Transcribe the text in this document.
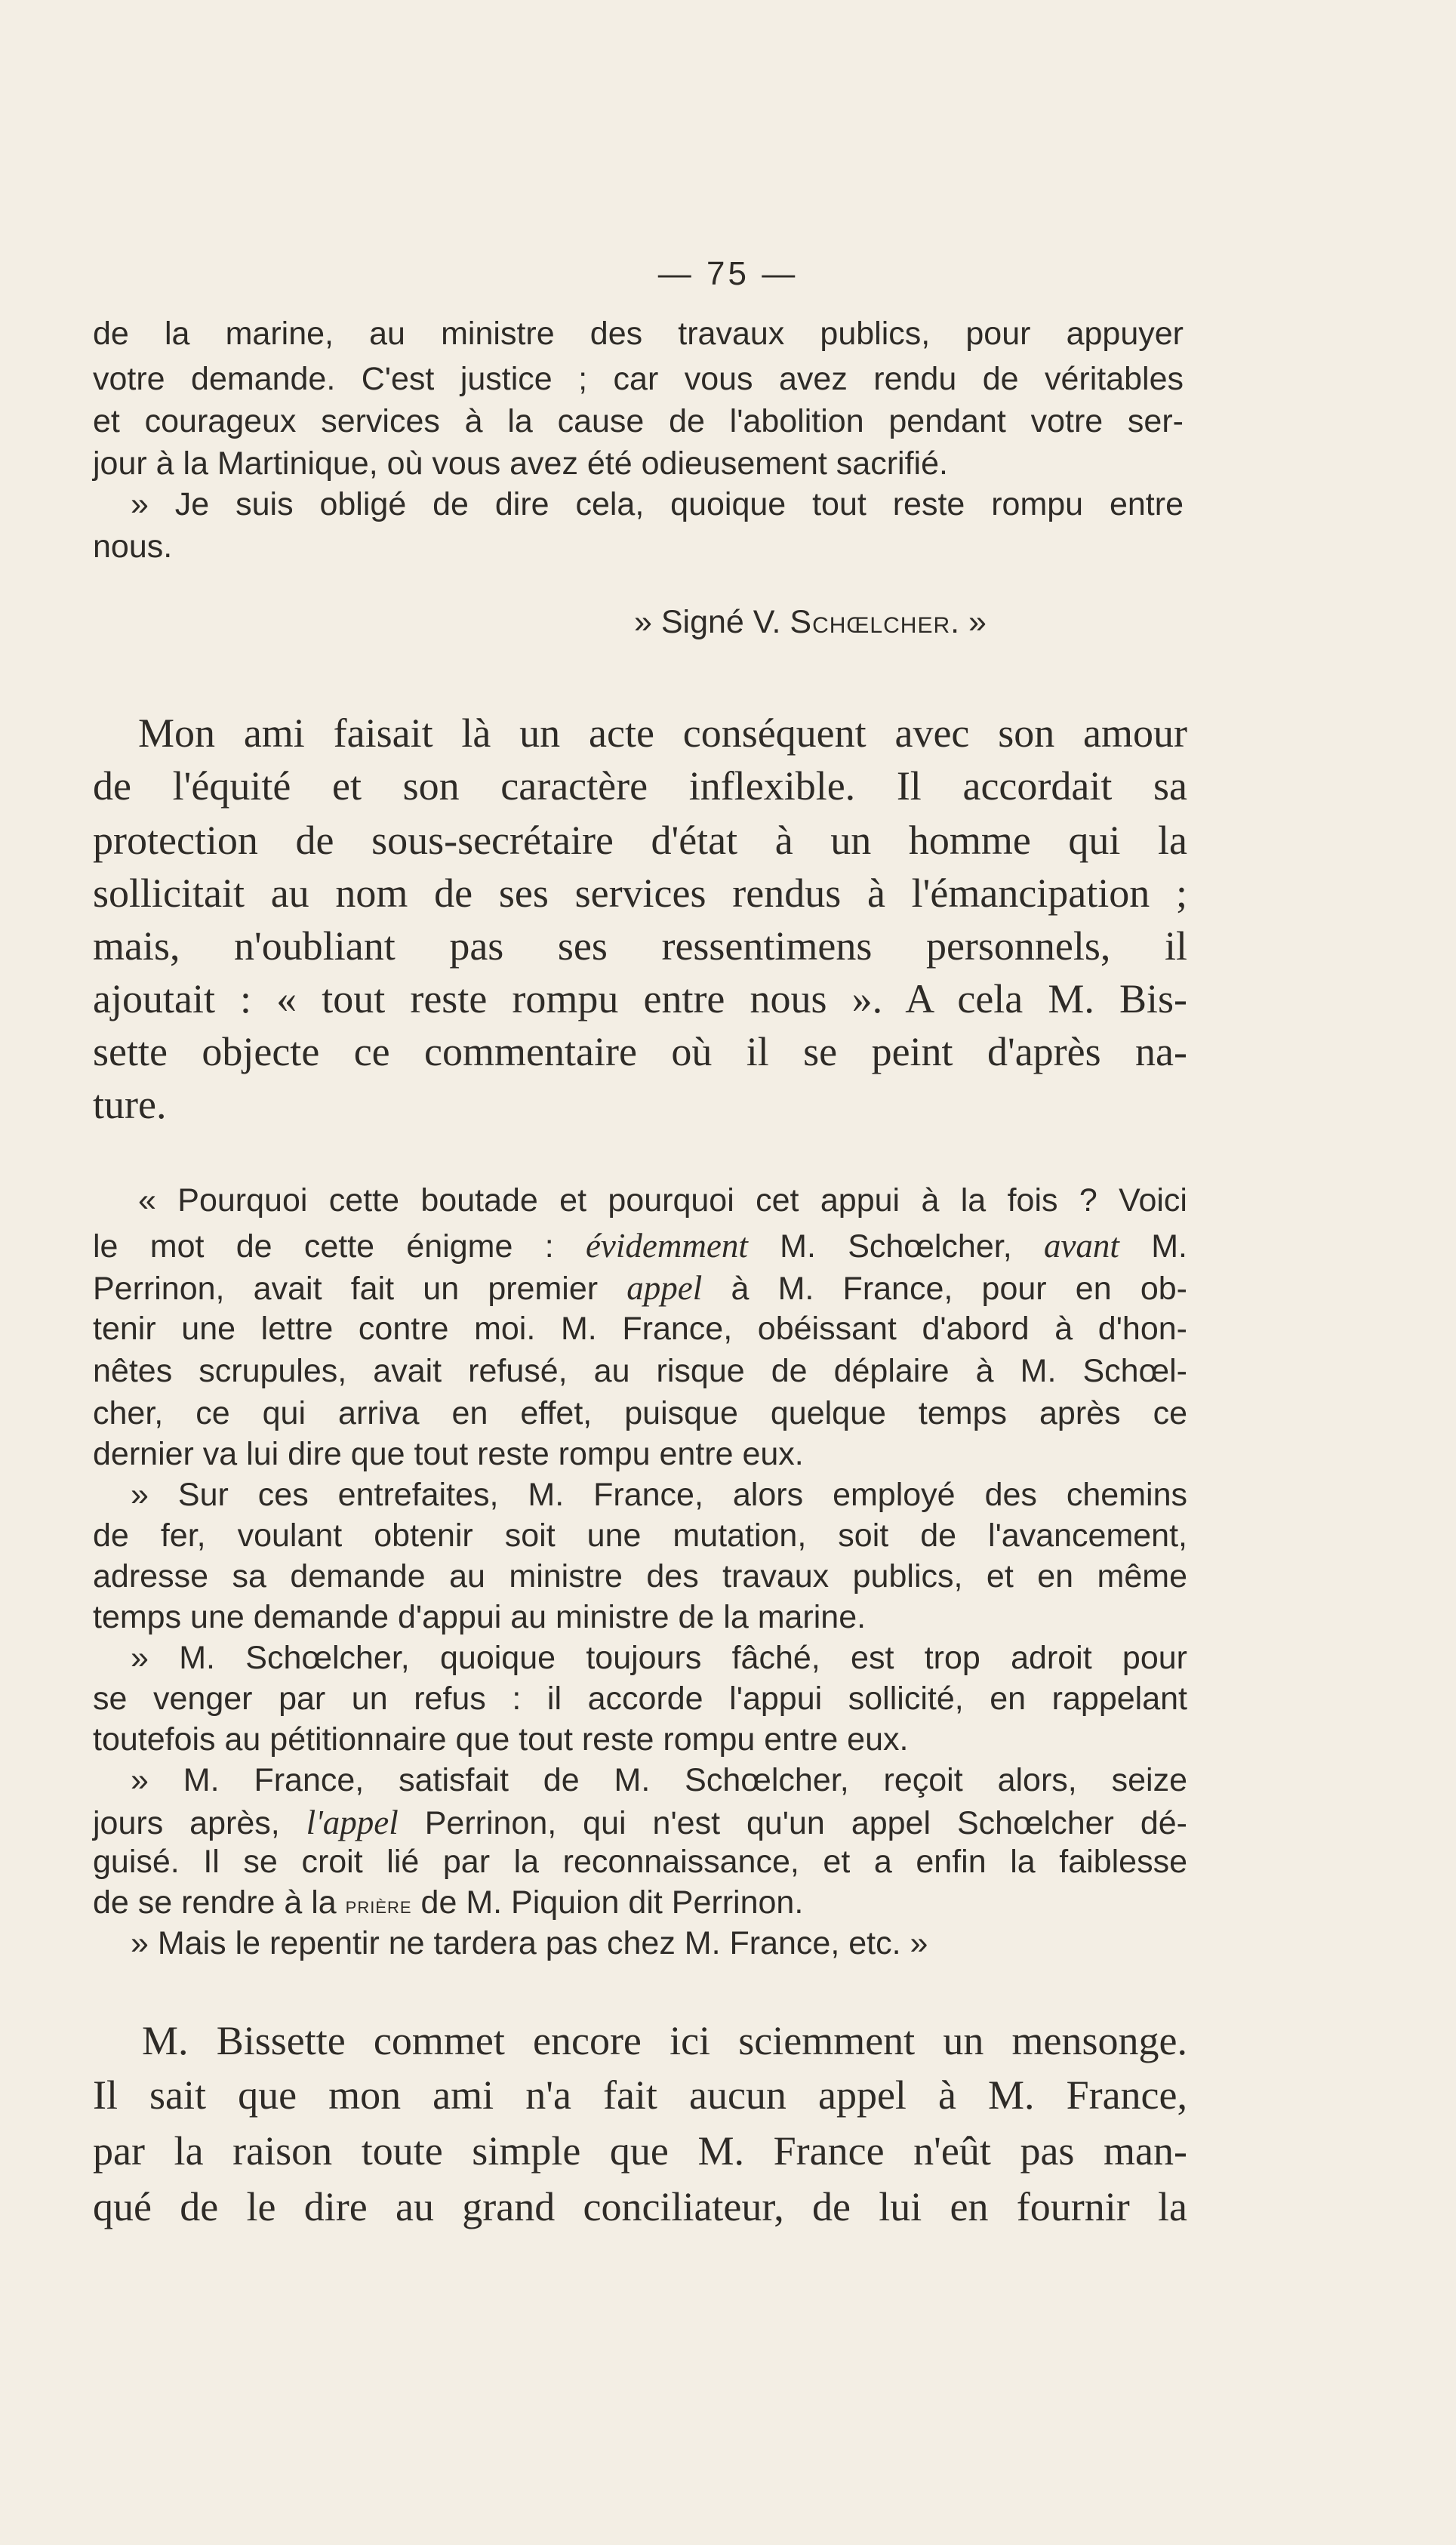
— 75 —

de la marine, au ministre des travaux publics, pour appuyer

votre demande. C'est justice ; car vous avez rendu de véritables

et courageux services à la cause de l'abolition pendant votre ser-

jour à la Martinique, où vous avez été odieusement sacrifié.

» Je suis obligé de dire cela, quoique tout reste rompu entre

nous.

» Signé V. Schœlcher. »

Mon ami faisait là un acte conséquent avec son amour

de l'équité et son caractère inflexible. Il accordait sa

protection de sous-secrétaire d'état à un homme qui la

sollicitait au nom de ses services rendus à l'émancipation ;

mais, n'oubliant pas ses ressentimens personnels, il

ajoutait : « tout reste rompu entre nous ». A cela M. Bis-

sette objecte ce commentaire où il se peint d'après na-

ture.

« Pourquoi cette boutade et pourquoi cet appui à la fois ? Voici

le mot de cette énigme : évidemment M. Schœlcher, avant M.

Perrinon, avait fait un premier appel à M. France, pour en ob-

tenir une lettre contre moi. M. France, obéissant d'abord à d'hon-

nêtes scrupules, avait refusé, au risque de déplaire à M. Schœl-

cher, ce qui arriva en effet, puisque quelque temps après ce

dernier va lui dire que tout reste rompu entre eux.

» Sur ces entrefaites, M. France, alors employé des chemins

de fer, voulant obtenir soit une mutation, soit de l'avancement,

adresse sa demande au ministre des travaux publics, et en même

temps une demande d'appui au ministre de la marine.

» M. Schœlcher, quoique toujours fâché, est trop adroit pour

se venger par un refus : il accorde l'appui sollicité, en rappelant

toutefois au pétitionnaire que tout reste rompu entre eux.

» M. France, satisfait de M. Schœlcher, reçoit alors, seize

jours après, l'appel Perrinon, qui n'est qu'un appel Schœlcher dé-

guisé. Il se croit lié par la reconnaissance, et a enfin la faiblesse

de se rendre à la prière de M. Piquion dit Perrinon.

» Mais le repentir ne tardera pas chez M. France, etc. »

M. Bissette commet encore ici sciemment un mensonge.

Il sait que mon ami n'a fait aucun appel à M. France,

par la raison toute simple que M. France n'eût pas man-

qué de le dire au grand conciliateur, de lui en fournir la
